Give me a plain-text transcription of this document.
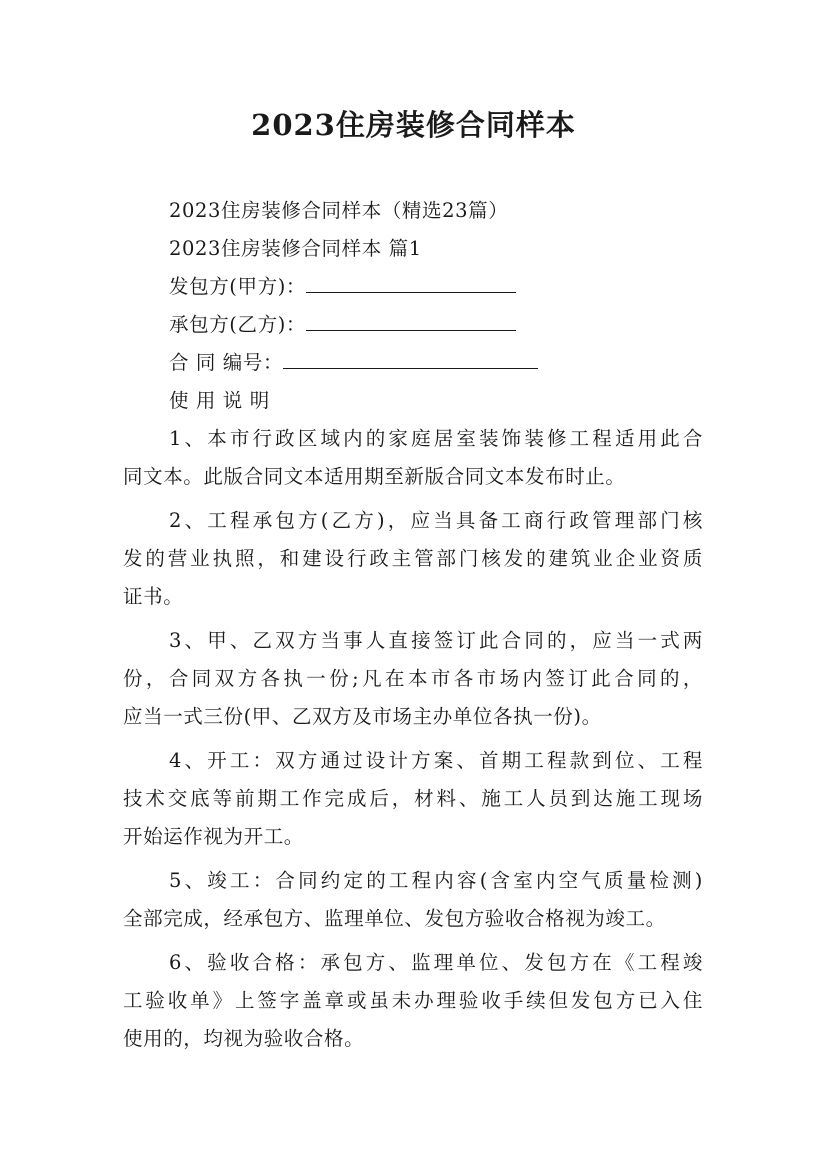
2023住房装修合同样本
2023住房装修合同样本（精选23篇）
2023住房装修合同样本 篇1
发包方(甲方)：
承包方(乙方)：
合 同 编号：
使 用 说 明
1、本市行政区域内的家庭居室装饰装修工程适用此合
同文本。此版合同文本适用期至新版合同文本发布时止。
2、工程承包方(乙方)，应当具备工商行政管理部门核
发的营业执照，和建设行政主管部门核发的建筑业企业资质
证书。
3、甲、乙双方当事人直接签订此合同的，应当一式两
份，合同双方各执一份;凡在本市各市场内签订此合同的，
应当一式三份(甲、乙双方及市场主办单位各执一份)。
4、开工：双方通过设计方案、首期工程款到位、工程
技术交底等前期工作完成后，材料、施工人员到达施工现场
开始运作视为开工。
5、竣工：合同约定的工程内容(含室内空气质量检测)
全部完成，经承包方、监理单位、发包方验收合格视为竣工。
6、验收合格：承包方、监理单位、发包方在《工程竣
工验收单》上签字盖章或虽未办理验收手续但发包方已入住
使用的，均视为验收合格。
